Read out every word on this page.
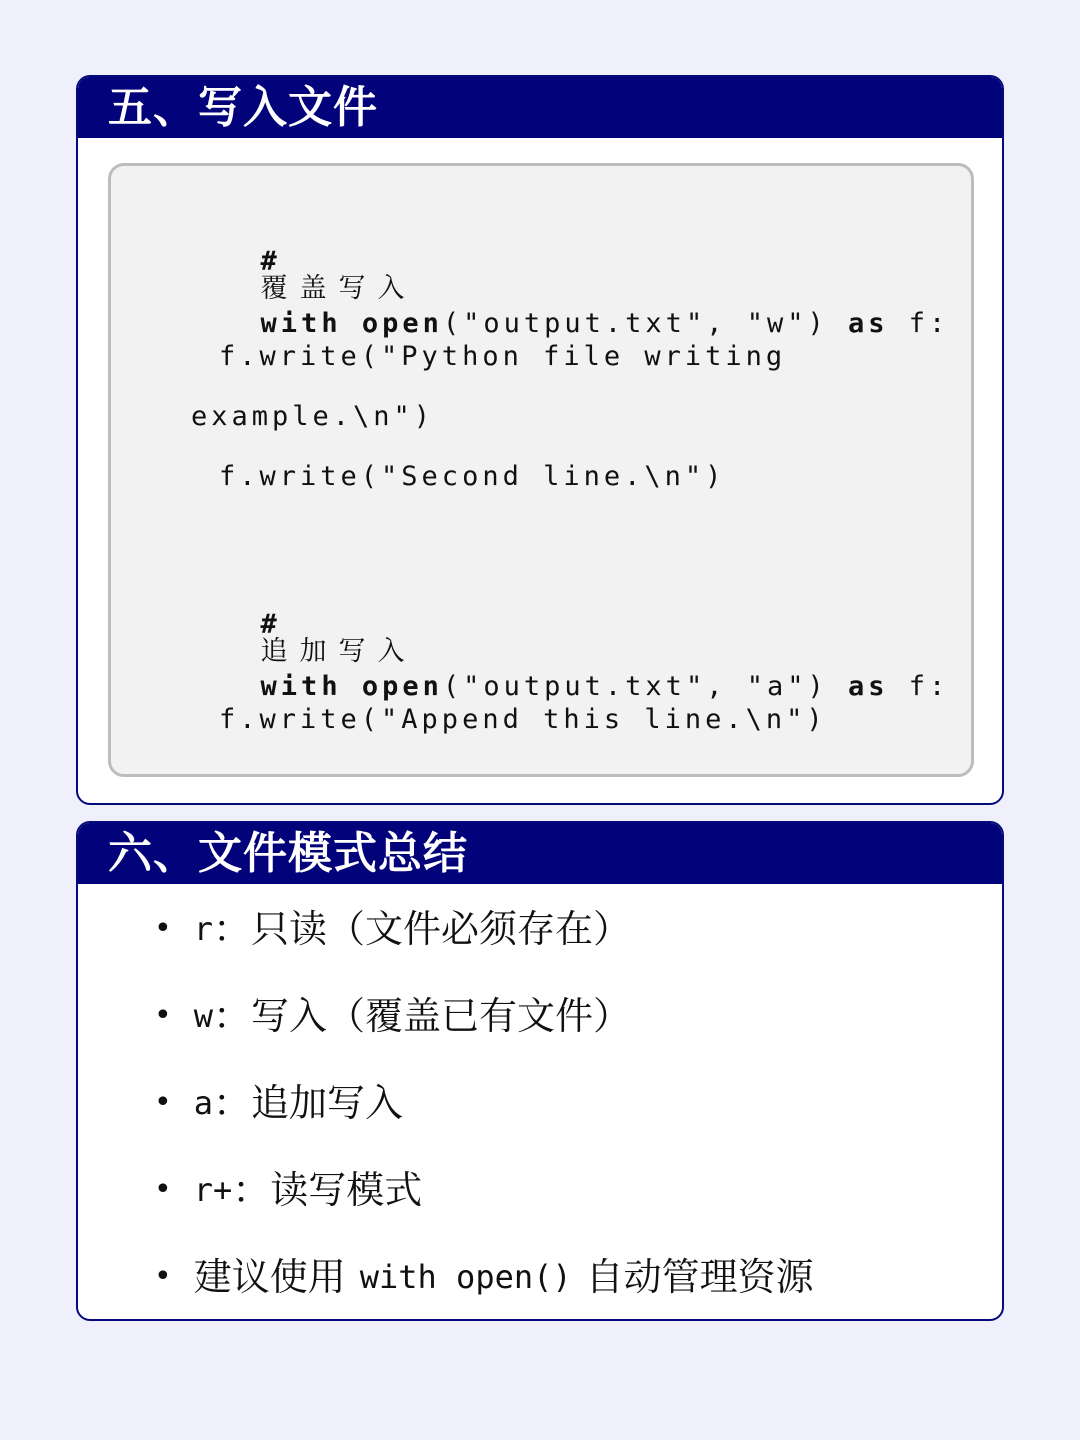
五、写入文件

#
覆盖写入

with open("output.txt", "w") as f:

f.write("Python file writing
example.\n")
f.write("Second line.\n")

#
追加写入

with open("output.txt", "a") as f:

f.write("Append this line.\n")
六、文件模式总结
• r ： 只读（文件必须存在）
• w ： 写入（覆盖已有文件）
• a ： 追加写入
• r+ ： 读写模式
• 建议使用 with open() 自动管理资源
